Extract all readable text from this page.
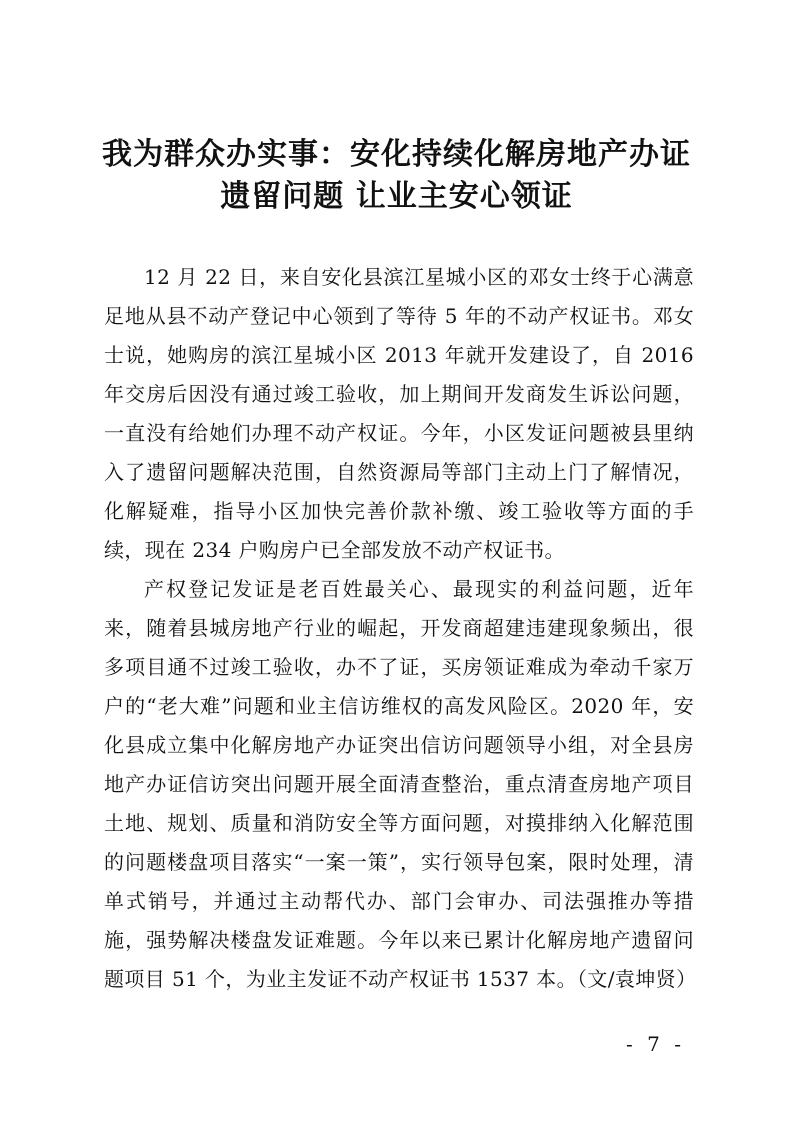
我为群众办实事：安化持续化解房地产办证
遗留问题 让业主安心领证

12 月 22 日，来自安化县滨江星城小区的邓女士终于心满意足地从县不动产登记中心领到了等待 5 年的不动产权证书。邓女士说，她购房的滨江星城小区 2013 年就开发建设了，自 2016 年交房后因没有通过竣工验收，加上期间开发商发生诉讼问题，一直没有给她们办理不动产权证。今年，小区发证问题被县里纳入了遗留问题解决范围，自然资源局等部门主动上门了解情况，化解疑难，指导小区加快完善价款补缴、竣工验收等方面的手续，现在 234 户购房户已全部发放不动产权证书。

产权登记发证是老百姓最关心、最现实的利益问题，近年来，随着县城房地产行业的崛起，开发商超建违建现象频出，很多项目通不过竣工验收，办不了证，买房领证难成为牵动千家万户的“老大难”问题和业主信访维权的高发风险区。2020 年，安化县成立集中化解房地产办证突出信访问题领导小组，对全县房地产办证信访突出问题开展全面清查整治，重点清查房地产项目土地、规划、质量和消防安全等方面问题，对摸排纳入化解范围的问题楼盘项目落实“一案一策”，实行领导包案，限时处理，清单式销号，并通过主动帮代办、部门会审办、司法强推办等措施，强势解决楼盘发证难题。今年以来已累计化解房地产遗留问题项目 51 个，为业主发证不动产权证书 1537 本。（文/袁坤贤）

- 7 -
